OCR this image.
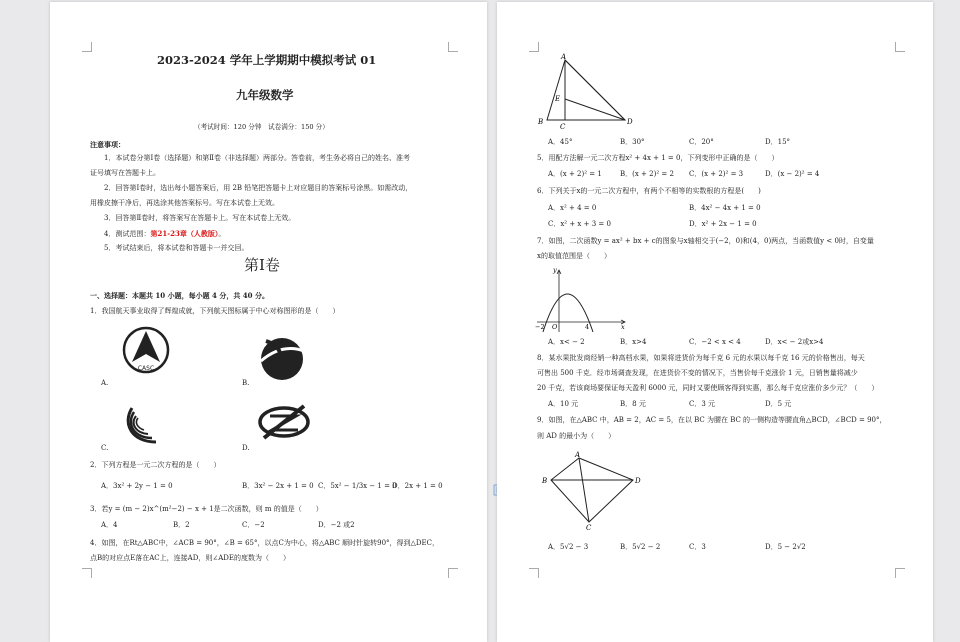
2023-2024 学年上学期期中模拟考试 01
九年级数学
（考试时间：120 分钟　试卷满分：150 分）
注意事项：
1．本试卷分第Ⅰ卷（选择题）和第Ⅱ卷（非选择题）两部分。答卷前，考生务必将自己的姓名、准考
证号填写在答题卡上。
2．回答第Ⅰ卷时，选出每小题答案后，用 2B 铅笔把答题卡上对应题目的答案标号涂黑。如需改动，
用橡皮擦干净后，再选涂其他答案标号。写在本试卷上无效。
3．回答第Ⅱ卷时，将答案写在答题卡上。写在本试卷上无效。
4．测试范围：第21-23章（人教版）。
5．考试结束后，将本试卷和答题卡一并交回。
第Ⅰ卷
一、选择题：本题共 10 小题，每小题 4 分，共 40 分。
1．我国航天事业取得了辉煌成就，下列航天图标属于中心对称图形的是（　　）
CASC
A.	B.
C.	D.
2．下列方程是一元二次方程的是（　　）
A．3x² + 2y − 1 = 0	B．3x² − 2x + 1 = 0 C．5x² − 1/3x − 1 = 0
D．2x + 1 = 0
3．若y = (m − 2)x^(m²−2) − x + 1是二次函数，则 m 的值是（　　）
A．4	B．2	C．−2	D．−2 或2
4．如图，在Rt△ABC中，∠ACB = 90°，∠B = 65°，以点C为中心，将△ABC 顺时针旋转90°，得到△DEC，
点B的对应点E落在AC上，连接AD，则∠ADE的度数为（　　）
A
E
B
C
D
A．45°	B．30°	C．20°	D．15°
5．用配方法解一元二次方程x² + 4x + 1 = 0，下列变形中正确的是（　　）
A．(x + 2)² = 1	B．(x + 2)² = 2 C．(x + 2)² = 3	D．(x − 2)² = 4
6．下列关于x的一元二次方程中，有两个不相等的实数根的方程是(　　)
A．x² + 4 = 0	B．4x² − 4x + 1 = 0
C．x² + x + 3 = 0	D．x² + 2x − 1 = 0
7．如图，二次函数y = ax² + bx + c的图象与x轴相交于(−2，0)和(4，0)两点，当函数值y < 0时，自变量
x的取值范围是（　　）
y
−2 O	4	x
A．x< − 2	B．x>4	C．−2 < x < 4	D．x< − 2或x>4
8．某水果批发商经销一种高档水果，如果将进货价为每千克 6 元的水果以每千克 16 元的价格售出，每天
可售出 500 千克．经市场调查发现，在进货价不变的情况下，当售价每千克涨价 1 元，日销售量将减少
20 千克，若该商场要保证每天盈利 6000 元，同时又要使顾客得到实惠，那么每千克应涨价多少元？（　　）
A．10 元	B．8 元	C．3 元	D．5 元
9．如图，在△ABC 中，AB = 2，AC = 5，在以 BC 为腰在 BC 的一侧构造等腰直角△BCD，∠BCD = 90°，
则 AD 的最小为（　　）
A
B
C
D
A．5√2 − 3	B．5√2 − 2	C．3	D．5 − 2√2
